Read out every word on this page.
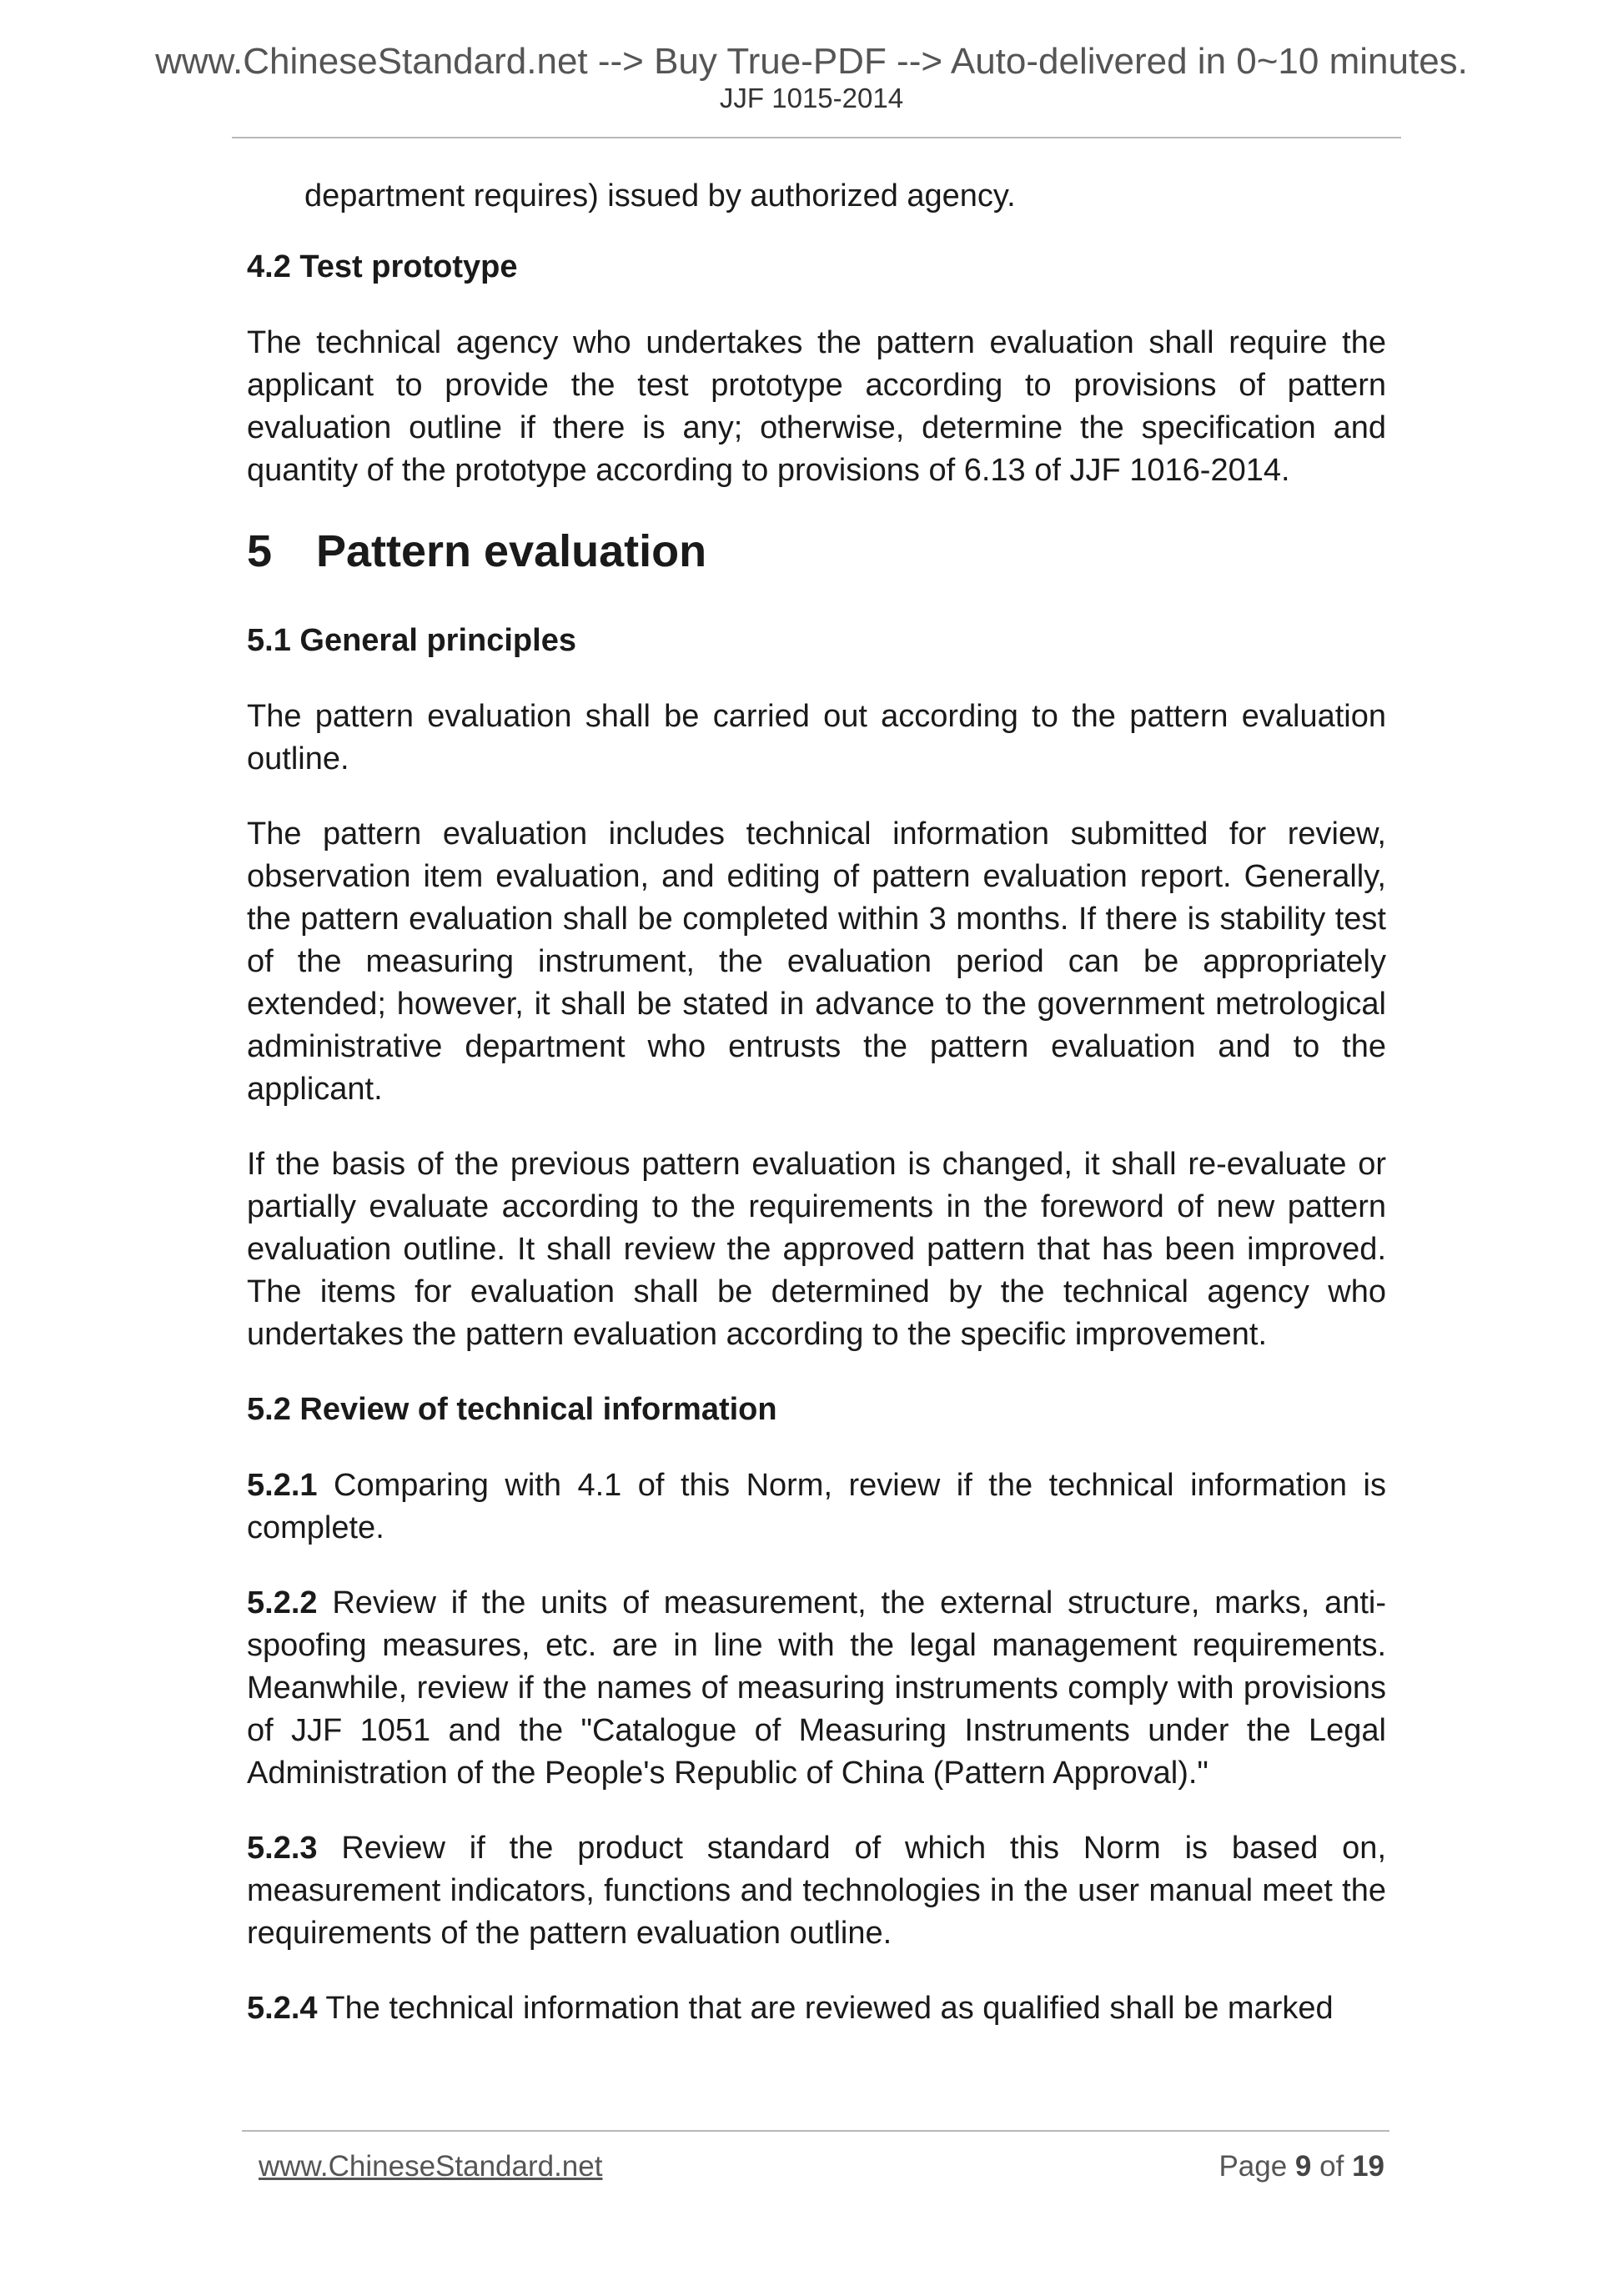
www.ChineseStandard.net --> Buy True-PDF --> Auto-delivered in 0~10 minutes.
JJF 1015-2014

department requires) issued by authorized agency.

4.2 Test prototype

The technical agency who undertakes the pattern evaluation shall require the applicant to provide the test prototype according to provisions of pattern evaluation outline if there is any; otherwise, determine the specification and quantity of the prototype according to provisions of 6.13 of JJF 1016-2014.

5 Pattern evaluation
5.1 General principles

The pattern evaluation shall be carried out according to the pattern evaluation outline.

The pattern evaluation includes technical information submitted for review, observation item evaluation, and editing of pattern evaluation report. Generally, the pattern evaluation shall be completed within 3 months. If there is stability test of the measuring instrument, the evaluation period can be appropriately extended; however, it shall be stated in advance to the government metrological administrative department who entrusts the pattern evaluation and to the applicant.

If the basis of the previous pattern evaluation is changed, it shall re-evaluate or partially evaluate according to the requirements in the foreword of new pattern evaluation outline. It shall review the approved pattern that has been improved. The items for evaluation shall be determined by the technical agency who undertakes the pattern evaluation according to the specific improvement.

5.2 Review of technical information

5.2.1 Comparing with 4.1 of this Norm, review if the technical information is complete.

5.2.2 Review if the units of measurement, the external structure, marks, anti-spoofing measures, etc. are in line with the legal management requirements. Meanwhile, review if the names of measuring instruments comply with provisions of JJF 1051 and the "Catalogue of Measuring Instruments under the Legal Administration of the People's Republic of China (Pattern Approval)."

5.2.3 Review if the product standard of which this Norm is based on, measurement indicators, functions and technologies in the user manual meet the requirements of the pattern evaluation outline.

5.2.4 The technical information that are reviewed as qualified shall be marked

www.ChineseStandard.net	Page 9 of 19
